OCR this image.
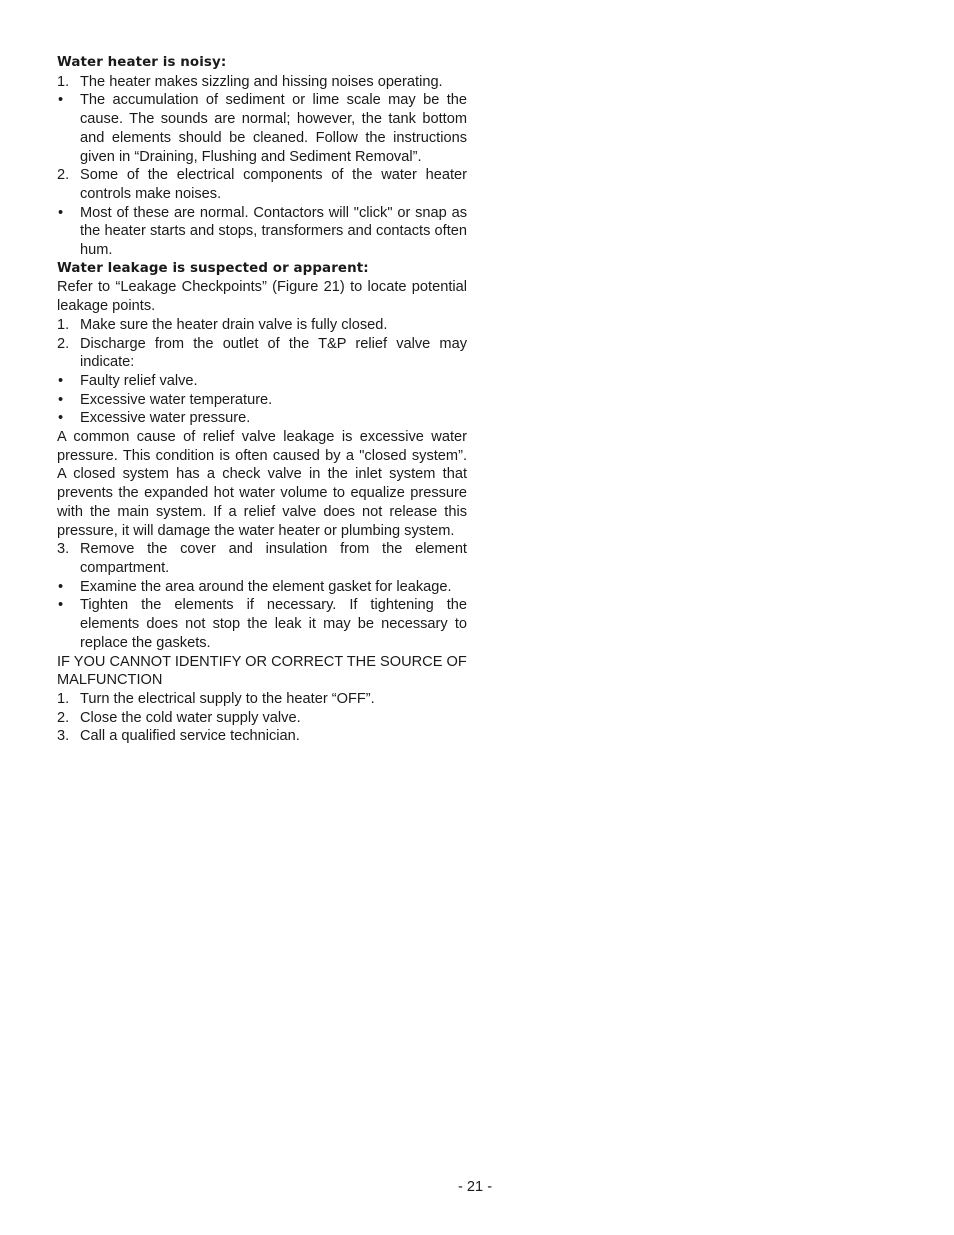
Water heater is noisy:
1. The heater makes sizzling and hissing noises operating.
• The accumulation of sediment or lime scale may be the cause. The sounds are normal; however, the tank bottom and elements should be cleaned. Follow the instructions given in “Draining, Flushing and Sediment Removal”.
2. Some of the electrical components of the water heater controls make noises.
• Most of these are normal. Contactors will "click" or snap as the heater starts and stops, transformers and contacts often hum.
Water leakage is suspected or apparent:
Refer to “Leakage Checkpoints” (Figure 21) to locate potential leakage points.
1. Make sure the heater drain valve is fully closed.
2. Discharge from the outlet of the T&P relief valve may indicate:
• Faulty relief valve.
• Excessive water temperature.
• Excessive water pressure.
A common cause of relief valve leakage is excessive water pressure. This condition is often caused by a "closed system”. A closed system has a check valve in the inlet system that prevents the expanded hot water volume to equalize pressure with the main system. If a relief valve does not release this pressure, it will damage the water heater or plumbing system.
3. Remove the cover and insulation from the element compartment.
• Examine the area around the element gasket for leakage.
• Tighten the elements if necessary. If tightening the elements does not stop the leak it may be necessary to replace the gaskets.
IF YOU CANNOT IDENTIFY OR CORRECT THE SOURCE OF MALFUNCTION
1. Turn the electrical supply to the heater “OFF”.
2. Close the cold water supply valve.
3. Call a qualified service technician.
- 21 -
